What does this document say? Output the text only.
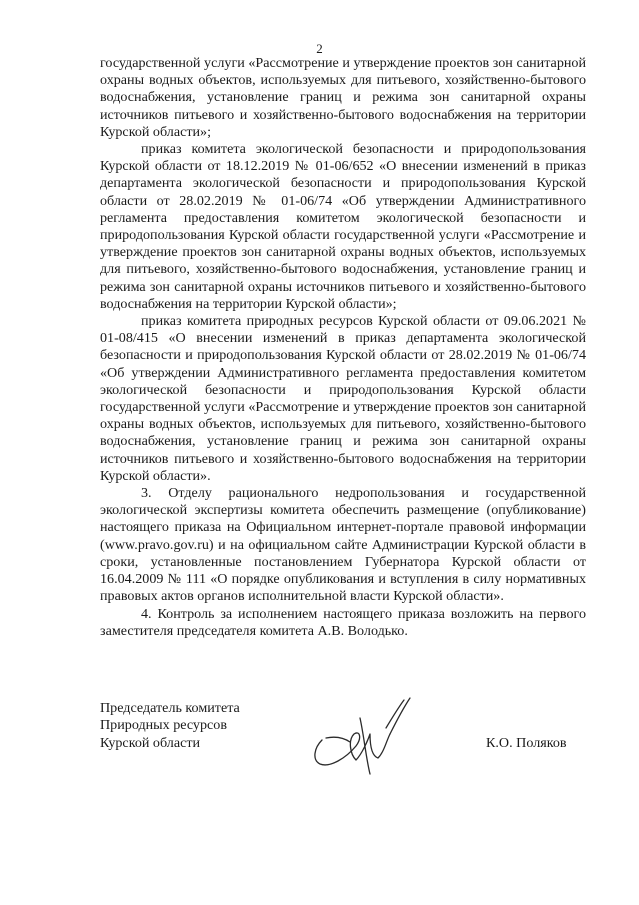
2

государственной услуги «Рассмотрение и утверждение проектов зон санитарной охраны водных объектов, используемых для питьевого, хозяйственно-бытового водоснабжения, установление границ и режима зон санитарной охраны источников питьевого и хозяйственно-бытового водоснабжения на территории Курской области»;

приказ комитета экологической безопасности и природопользования Курской области от 18.12.2019 № 01-06/652 «О внесении изменений в приказ департамента экологической безопасности и природопользования Курской области от 28.02.2019 № 01-06/74 «Об утверждении Административного регламента предоставления комитетом экологической безопасности и природопользования Курской области государственной услуги «Рассмотрение и утверждение проектов зон санитарной охраны водных объектов, используемых для питьевого, хозяйственно-бытового водоснабжения, установление границ и режима зон санитарной охраны источников питьевого и хозяйственно-бытового водоснабжения на территории Курской области»;

приказ комитета природных ресурсов Курской области от 09.06.2021 № 01-08/415 «О внесении изменений в приказ департамента экологической безопасности и природопользования Курской области от 28.02.2019 № 01-06/74 «Об утверждении Административного регламента предоставления комитетом экологической безопасности и природопользования Курской области государственной услуги «Рассмотрение и утверждение проектов зон санитарной охраны водных объектов, используемых для питьевого, хозяйственно-бытового водоснабжения, установление границ и режима зон санитарной охраны источников питьевого и хозяйственно-бытового водоснабжения на территории Курской области».

3. Отделу рационального недропользования и государственной экологической экспертизы комитета обеспечить размещение (опубликование) настоящего приказа на Официальном интернет-портале правовой информации (www.pravo.gov.ru) и на официальном сайте Администрации Курской области в сроки, установленные постановлением Губернатора Курской области от 16.04.2009 № 111 «О порядке опубликования и вступления в силу нормативных правовых актов органов исполнительной власти Курской области».

4. Контроль за исполнением настоящего приказа возложить на первого заместителя председателя комитета А.В. Володько.

Председатель комитета
Природных ресурсов
Курской области	К.О. Поляков
